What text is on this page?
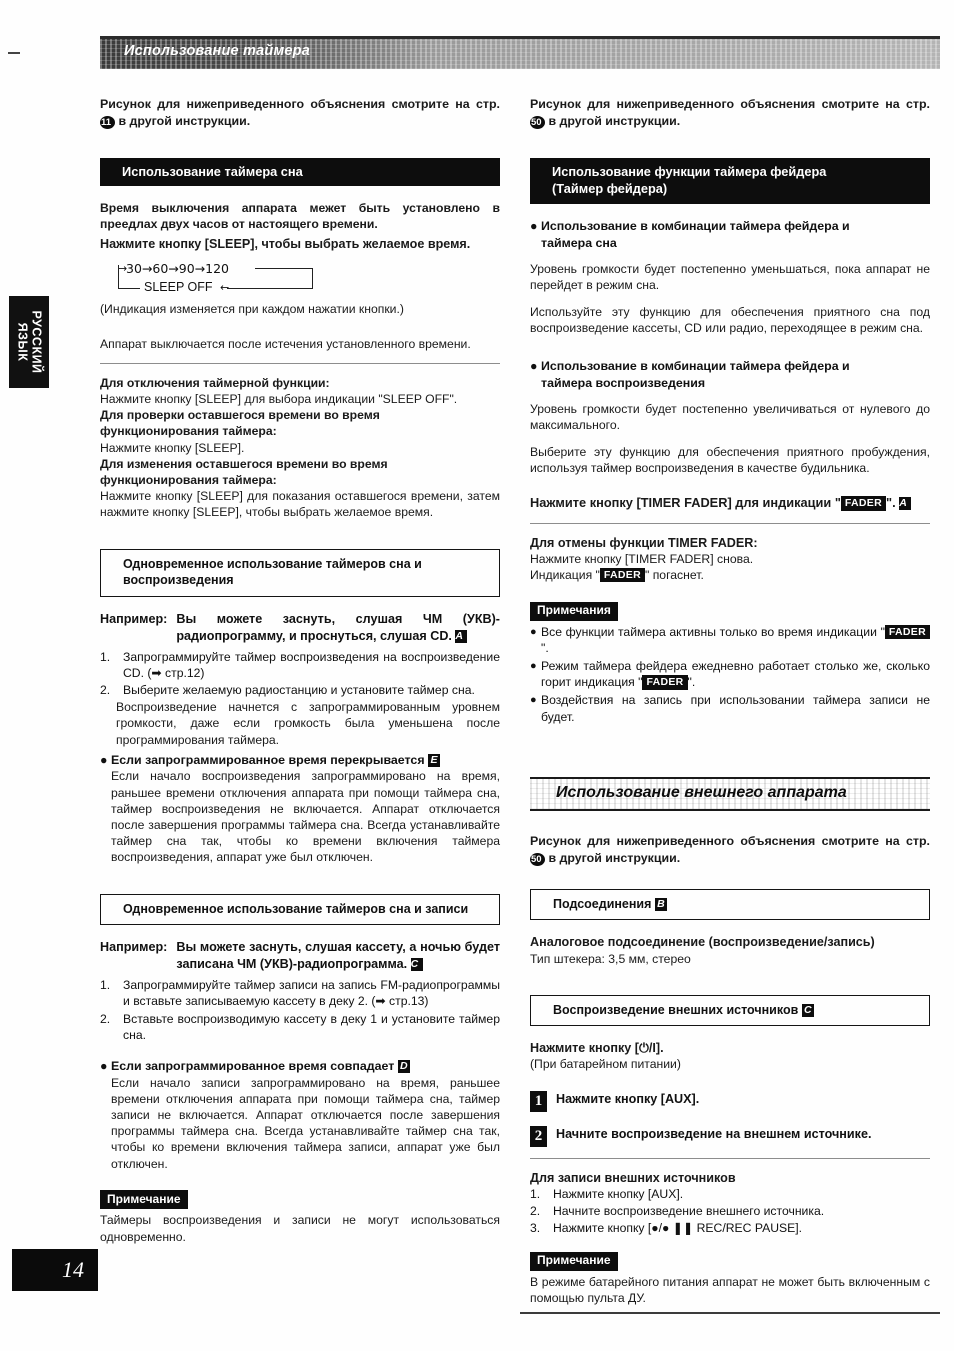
Использование таймера
РУССКИЙ
ЯЗЫК
14

Рисунок для нижеприведенного объяснения смотрите на стр. 11 в другой инструкции.

Использование таймера сна

Время выключения аппарата межет быть установлено в преедлах двух часов от настоящего времени.

Нажмите кнопку [SLEEP], чтобы выбрать желаемое время.

→
30→60→90→120
SLEEP OFF ←

(Индикация изменяется при каждом нажатии кнопки.)

Аппарат выключается после истечения установленного времени.

Для отключения таймерной функции:

Нажмите кнопку [SLEEP] для выбора индикации "SLEEP OFF".

Для проверки оставшегося времени во время функционирования таймера:

Нажмите кнопку [SLEEP].

Для изменения оставшегося времени во время функционирования таймера:

Нажмите кнопку [SLEEP] для показания оставшегося времени, затем нажмите кнопку [SLEEP], чтобы выбрать желаемое время.

Одновременное использование таймеров сна и воспроизведения
Например: Вы можете заснуть, слушая ЧМ (УКВ)-радиопрограмму, и проснуться, слушая CD. A
1.	Запрограммируйте таймер воспроизведения на воспроизведение CD. (➡ стр.12)
2.	Выберите желаемую радиостанцию и установите таймер сна.

Воспроизведение начнется с запрограммированным уровнем громкости, даже если громкость была уменьшена после программирования таймера.

● Если запрограммированное время перекрывается E

Если начало воспроизведения запрограммировано на время, раньшее времени отключения аппарата при помощи таймера сна, таймер воспроизведения не включается. Аппарат отключается после завершения программы таймера сна. Всегда устанавливайте таймер сна так, чтобы ко времени включения таймера воспроизведения, аппарат уже был отключен.

Одновременное использование таймеров сна и записи
Например: Вы можете заснуть, слушая кассету, а ночью будет записана ЧМ (УКВ)-радиопрограмма. C
1.	Запрограммируйте таймер записи на запись FM-радиопрограммы и вставьте записываемую кассету в деку 2. (➡ стр.13)
2.	Вставьте воспроизводимую кассету в деку 1 и установите таймер сна.
● Если запрограммированное время совпадает D

Если начало записи запрограммировано на время, раньшее времени отключения аппарата при помощи таймера сна, таймер записи не включается. Аппарат отключается после завершения программы таймера сна. Всегда устанавливайте таймер сна так, чтобы ко времени включения таймера записи, аппарат уже был отключен.

Примечание

Таймеры воспроизведения и записи не могут использоваться одновременно.

Рисунок для нижеприведенного объяснения смотрите на стр. 50 в другой инструкции.

Использование функции таймера фейдера
(Таймер фейдера)
● Использование в комбинации таймера фейдера и
таймера сна

Уровень громкости будет постепенно уменьшаться, пока аппарат не перейдет в режим сна.

Используйте эту функцию для обеспечения приятного сна под воспроизведение кассеты, CD или радио, переходящее в режим сна.

● Использование в комбинации таймера фейдера и
таймера воспроизведения

Уровень громкости будет постепенно увеличиваться от нулевого до максимального.

Выберите эту функцию для обеспечения приятного пробуждения, используя таймер воспроизведения в качестве будильника.

Нажмите кнопку [TIMER FADER] для индикации " FADER ". A

Для отмены функции TIMER FADER:

Нажмите кнопку [TIMER FADER] снова.

Индикация " FADER " погаснет.

Примечания
● Все функции таймера активны только во время индикации " FADER".
● Режим таймера фейдера ежедневно работает столько же, сколько горит индикация " FADER ".
● Воздействия на запись при использовании таймера записи не будет.
Использование внешнего аппарата

Рисунок для нижеприведенного объяснения смотрите на стр. 50 в другой инструкции.

Подсоединения B

Аналоговое подсоединение (воспроизведение/запись)

Тип штекера: 3,5 мм, стерео

Воспроизведение внешних источников C

Нажмите кнопку [⏻/I].

(При батарейном питании)

1	Нажмите кнопку [AUX].
2	Начните воспроизведение на внешнем источнике.

Для записи внешних источников

1.	Нажмите кнопку [AUX].
2.	Начните воспроизведение внешнего источника.
3.	Нажмите кнопку [●/● ❚❚ REC/REC PAUSE].
Примечание

В режиме батарейного питания аппарат не может быть включенным с помощью пульта ДУ.
